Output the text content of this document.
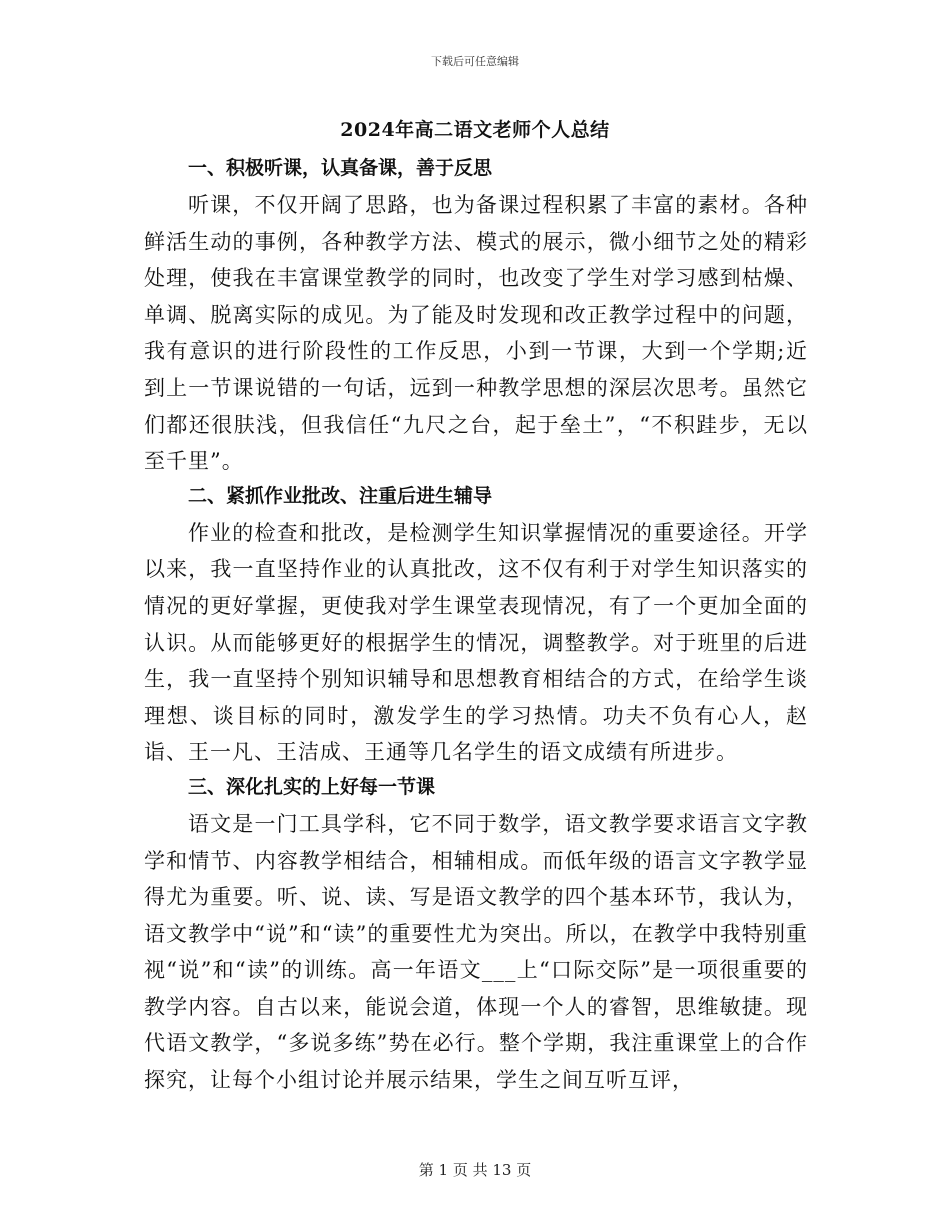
下载后可任意编辑
2024年高二语文老师个人总结

一、积极听课，认真备课，善于反思

听课，不仅开阔了思路，也为备课过程积累了丰富的素材。各种鲜活生动的事例，各种教学方法、模式的展示，微小细节之处的精彩处理，使我在丰富课堂教学的同时，也改变了学生对学习感到枯燥、单调、脱离实际的成见。为了能及时发现和改正教学过程中的问题，我有意识的进行阶段性的工作反思，小到一节课，大到一个学期;近到上一节课说错的一句话，远到一种教学思想的深层次思考。虽然它们都还很肤浅，但我信任“九尺之台，起于垒土”，“不积跬步，无以至千里”。

二、紧抓作业批改、注重后进生辅导

作业的检查和批改，是检测学生知识掌握情况的重要途径。开学以来，我一直坚持作业的认真批改，这不仅有利于对学生知识落实的情况的更好掌握，更使我对学生课堂表现情况，有了一个更加全面的认识。从而能够更好的根据学生的情况，调整教学。对于班里的后进生，我一直坚持个别知识辅导和思想教育相结合的方式，在给学生谈理想、谈目标的同时，激发学生的学习热情。功夫不负有心人，赵诣、王一凡、王洁成、王通等几名学生的语文成绩有所进步。

三、深化扎实的上好每一节课

语文是一门工具学科，它不同于数学，语文教学要求语言文字教学和情节、内容教学相结合，相辅相成。而低年级的语言文字教学显得尤为重要。听、说、读、写是语文教学的四个基本环节，我认为，语文教学中“说”和“读”的重要性尤为突出。所以，在教学中我特别重视“说”和“读”的训练。高一年语文___上“口际交际”是一项很重要的教学内容。自古以来，能说会道，体现一个人的睿智，思维敏捷。现代语文教学，“多说多练”势在必行。整个学期，我注重课堂上的合作探究，让每个小组讨论并展示结果，学生之间互听互评，

第 1 页 共 13 页
